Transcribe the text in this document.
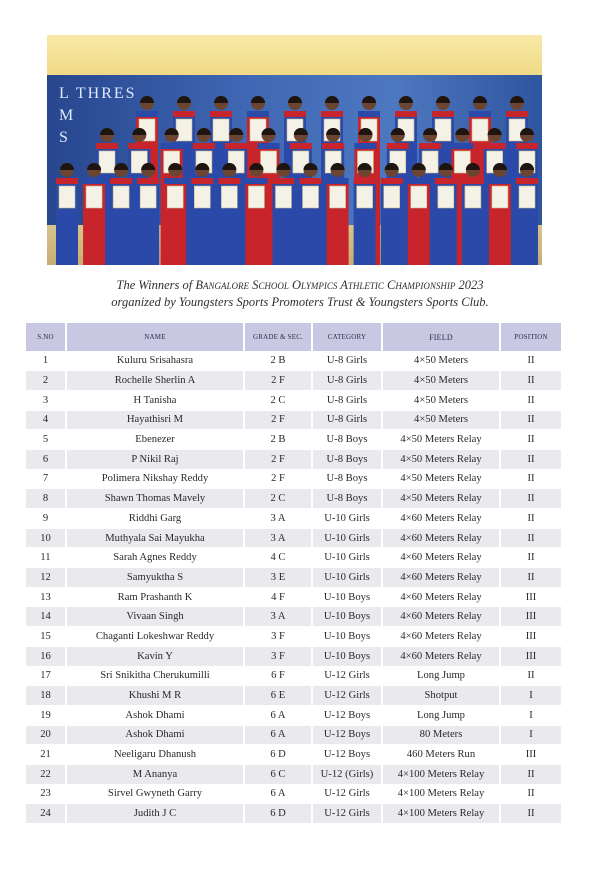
L THRES
M
S
The Winners of Bangalore School Olympics Athletic Championship 2023
organized by Youngsters Sports Promoters Trust & Youngsters Sports Club.
S.NO	NAME	GRADE & SEC.	CATEGORY	FIELD	POSITION
1	Kuluru Srisahasra	2 B	U-8 Girls	4×50 Meters	II
2	Rochelle Sherlin A	2 F	U-8 Girls	4×50 Meters	II
3	H Tanisha	2 C	U-8 Girls	4×50 Meters	II
4	Hayathisri M	2 F	U-8 Girls	4×50 Meters	II
5	Ebenezer	2 B	U-8 Boys	4×50 Meters Relay	II
6	P Nikil Raj	2 F	U-8 Boys	4×50 Meters Relay	II
7	Polimera Nikshay Reddy	2 F	U-8 Boys	4×50 Meters Relay	II
8	Shawn Thomas Mavely	2 C	U-8 Boys	4×50 Meters Relay	II
9	Riddhi Garg	3 A	U-10 Girls	4×60 Meters Relay	II
10	Muthyala Sai Mayukha	3 A	U-10 Girls	4×60 Meters Relay	II
11	Sarah Agnes Reddy	4 C	U-10 Girls	4×60 Meters Relay	II
12	Samyuktha S	3 E	U-10 Girls	4×60 Meters Relay	II
13	Ram Prashanth K	4 F	U-10 Boys	4×60 Meters Relay	III
14	Vivaan Singh	3 A	U-10 Boys	4×60 Meters Relay	III
15	Chaganti Lokeshwar Reddy	3 F	U-10 Boys	4×60 Meters Relay	III
16	Kavin Y	3 F	U-10 Boys	4×60 Meters Relay	III
17	Sri Snikitha Cherukumilli	6 F	U-12 Girls	Long Jump	II
18	Khushi M R	6 E	U-12 Girls	Shotput	I
19	Ashok Dhami	6 A	U-12 Boys	Long Jump	I
20	Ashok Dhami	6 A	U-12 Boys	80 Meters	I
21	Neeligaru Dhanush	6 D	U-12 Boys	460 Meters Run	III
22	M Ananya	6 C	U-12 (Girls)	4×100 Meters Relay	II
23	Sirvel Gwyneth Garry	6 A	U-12 Girls	4×100 Meters Relay	II
24	Judith J C	6 D	U-12 Girls	4×100 Meters Relay	II
